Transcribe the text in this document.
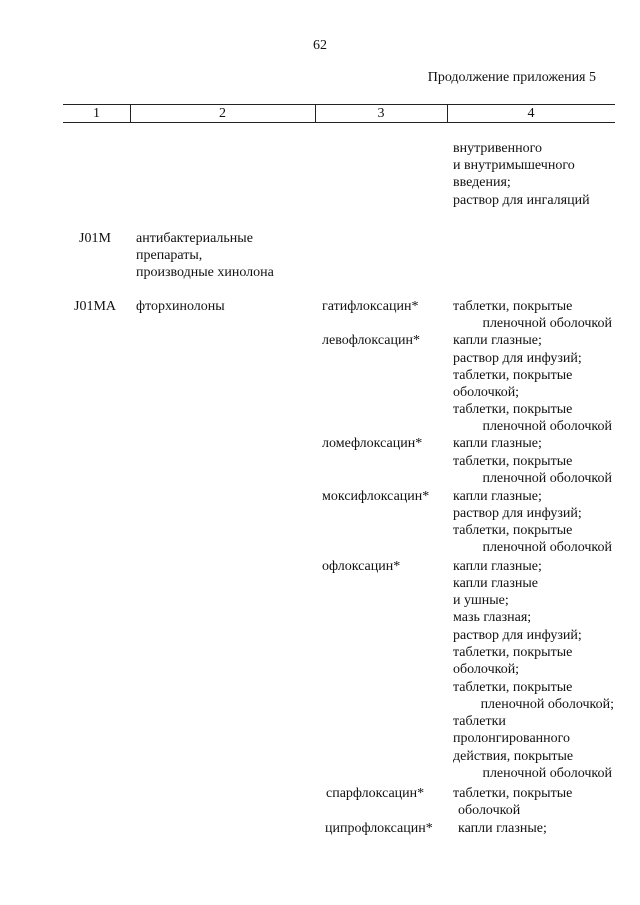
62
Продолжение приложения 5
1	2	3	4
внутривенного
и внутримышечного
введения;
раствор для ингаляций
J01M антибактериальные
препараты,
производные хинолона
J01MA фторхинолоны	гатифлоксацин* таблетки, покрытые
пленочной оболочкой
левофлоксацин* капли глазные;
раствор для инфузий;
таблетки, покрытые
оболочкой;
таблетки, покрытые
пленочной оболочкой
ломефлоксацин* капли глазные;
таблетки, покрытые
пленочной оболочкой
моксифлоксацин* капли глазные;
раствор для инфузий;
таблетки, покрытые
пленочной оболочкой
офлоксацин*	капли глазные;
капли глазные
и ушные;
мазь глазная;
раствор для инфузий;
таблетки, покрытые
оболочкой;
таблетки, покрытые
пленочной оболочкой;
таблетки
пролонгированного
действия, покрытые
пленочной оболочкой
спарфлоксацин* таблетки, покрытые
оболочкой
ципрофлоксацин* капли глазные;
